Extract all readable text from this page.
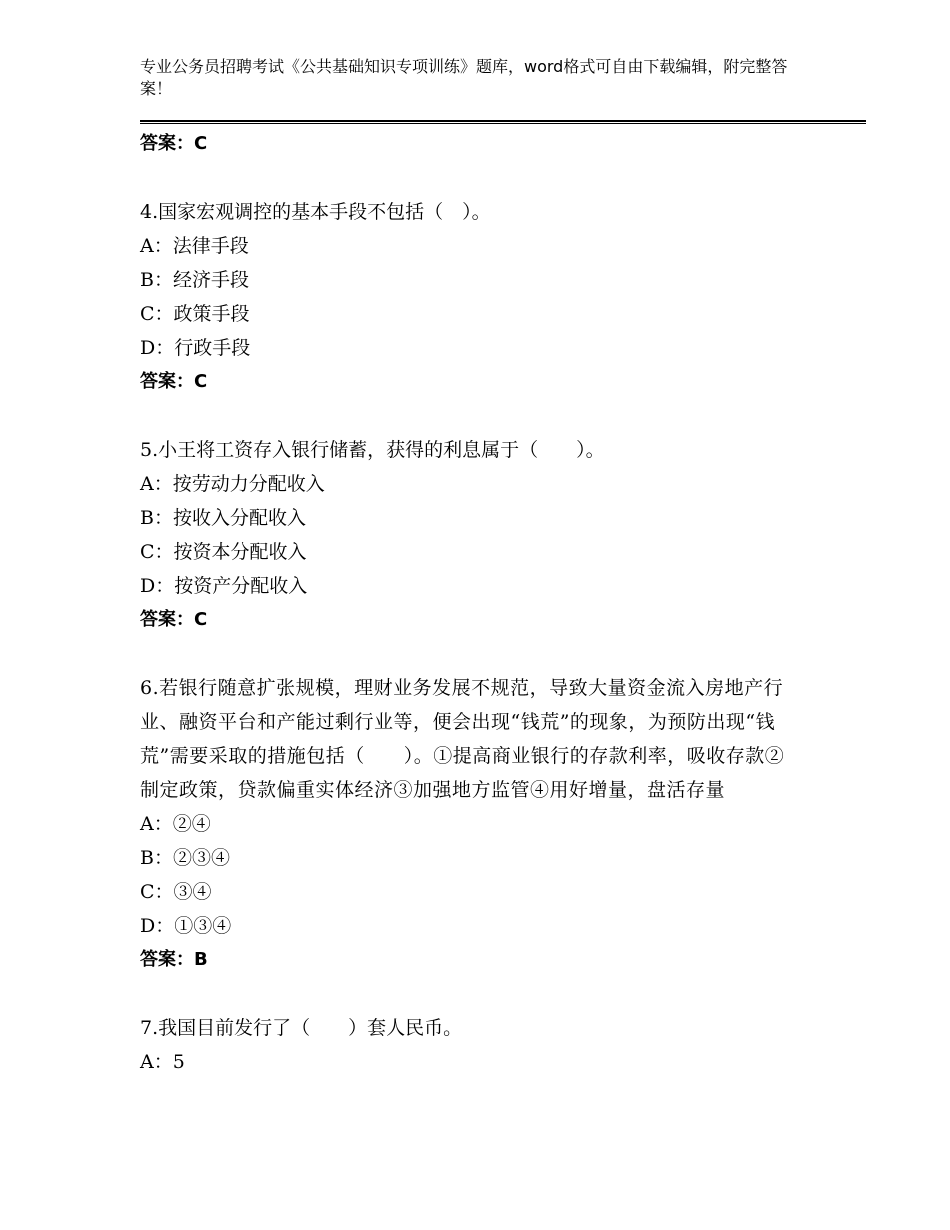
专业公务员招聘考试《公共基础知识专项训练》题库，word格式可自由下载编辑，附完整答案！
答案：C
4.国家宏观调控的基本手段不包括（　）。
A：法律手段
B：经济手段
C：政策手段
D：行政手段
答案：C
5.小王将工资存入银行储蓄，获得的利息属于（　　）。
A：按劳动力分配收入
B：按收入分配收入
C：按资本分配收入
D：按资产分配收入
答案：C
6.若银行随意扩张规模，理财业务发展不规范，导致大量资金流入房地产行业、融资平台和产能过剩行业等，便会出现“钱荒”的现象，为预防出现“钱荒”需要采取的措施包括（　　）。①提高商业银行的存款利率，吸收存款②制定政策，贷款偏重实体经济③加强地方监管④用好增量，盘活存量
A：②④
B：②③④
C：③④
D：①③④
答案：B
7.我国目前发行了（　　）套人民币。
A：5
